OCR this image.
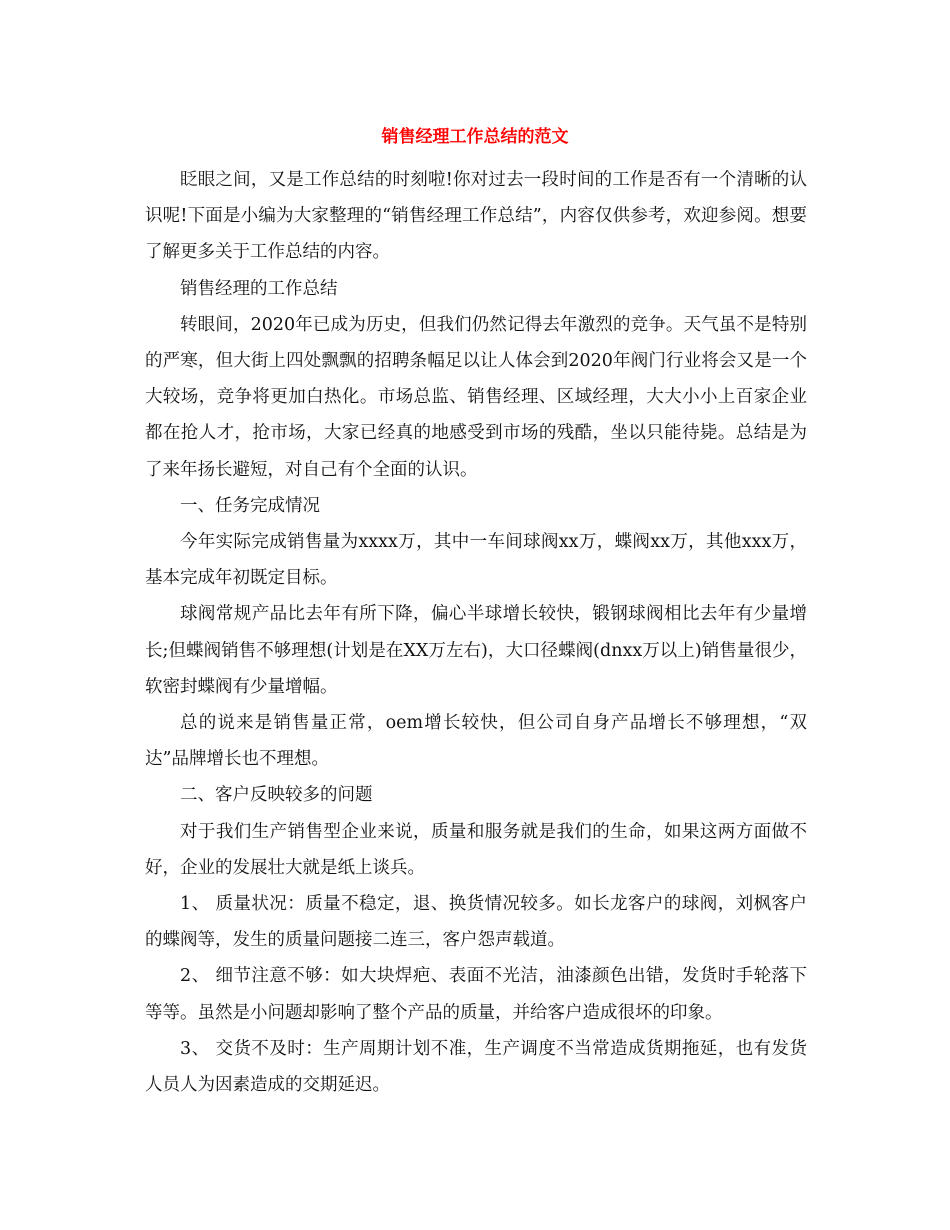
销售经理工作总结的范文

眨眼之间，又是工作总结的时刻啦!你对过去一段时间的工作是否有一个清晰的认识呢!下面是小编为大家整理的“销售经理工作总结”，内容仅供参考，欢迎参阅。想要了解更多关于工作总结的内容。

销售经理的工作总结

转眼间，2020年已成为历史，但我们仍然记得去年激烈的竞争。天气虽不是特别的严寒，但大街上四处飘飘的招聘条幅足以让人体会到2020年阀门行业将会又是一个大较场，竞争将更加白热化。市场总监、销售经理、区域经理，大大小小上百家企业都在抢人才，抢市场，大家已经真的地感受到市场的残酷，坐以只能待毙。总结是为了来年扬长避短，对自己有个全面的认识。

一、任务完成情况

今年实际完成销售量为xxxx万，其中一车间球阀xx万，蝶阀xx万，其他xxx万，基本完成年初既定目标。

球阀常规产品比去年有所下降，偏心半球增长较快，锻钢球阀相比去年有少量增长;但蝶阀销售不够理想(计划是在XX万左右)，大口径蝶阀(dnxx万以上)销售量很少，软密封蝶阀有少量增幅。

总的说来是销售量正常，oem增长较快，但公司自身产品增长不够理想，“双达”品牌增长也不理想。

二、客户反映较多的问题

对于我们生产销售型企业来说，质量和服务就是我们的生命，如果这两方面做不好，企业的发展壮大就是纸上谈兵。

1、 质量状况：质量不稳定，退、换货情况较多。如长龙客户的球阀，刘枫客户的蝶阀等，发生的质量问题接二连三，客户怨声载道。

2、 细节注意不够：如大块焊疤、表面不光洁，油漆颜色出错，发货时手轮落下等等。虽然是小问题却影响了整个产品的质量，并给客户造成很坏的印象。

3、 交货不及时：生产周期计划不准，生产调度不当常造成货期拖延，也有发货人员人为因素造成的交期延迟。
